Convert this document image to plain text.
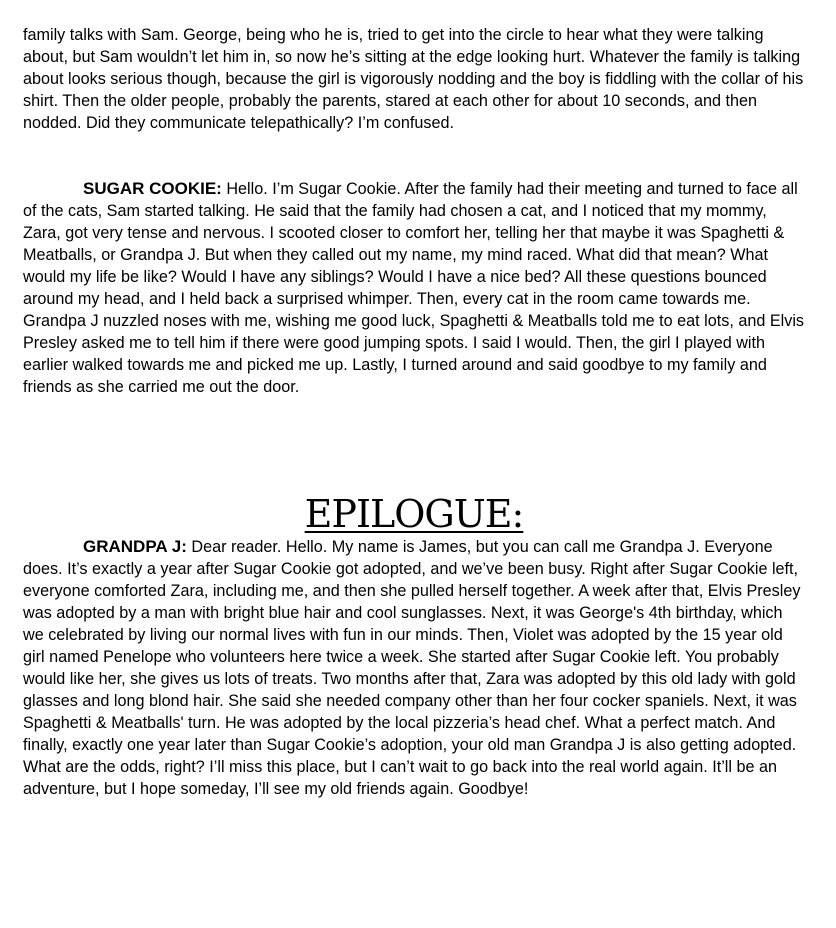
family talks with Sam. George, being who he is, tried to get into the circle to hear what they were talking about, but Sam wouldn’t let him in, so now he’s sitting at the edge looking hurt. Whatever the family is talking about looks serious though, because the girl is vigorously nodding and the boy is fiddling with the collar of his shirt. Then the older people, probably the parents, stared at each other for about 10 seconds, and then nodded. Did they communicate telepathically? I’m confused.

SUGAR COOKIE: Hello. I’m Sugar Cookie. After the family had their meeting and turned to face all of the cats, Sam started talking. He said that the family had chosen a cat, and I noticed that my mommy, Zara, got very tense and nervous. I scooted closer to comfort her, telling her that maybe it was Spaghetti & Meatballs, or Grandpa J. But when they called out my name, my mind raced. What did that mean? What would my life be like? Would I have any siblings? Would I have a nice bed? All these questions bounced around my head, and I held back a surprised whimper. Then, every cat in the room came towards me. Grandpa J nuzzled noses with me, wishing me good luck, Spaghetti & Meatballs told me to eat lots, and Elvis Presley asked me to tell him if there were good jumping spots. I said I would. Then, the girl I played with earlier walked towards me and picked me up. Lastly, I turned around and said goodbye to my family and friends as she carried me out the door.

EPILOGUE:

GRANDPA J: Dear reader. Hello. My name is James, but you can call me Grandpa J. Everyone does. It’s exactly a year after Sugar Cookie got adopted, and we’ve been busy. Right after Sugar Cookie left, everyone comforted Zara, including me, and then she pulled herself together. A week after that, Elvis Presley was adopted by a man with bright blue hair and cool sunglasses. Next, it was George's 4th birthday, which we celebrated by living our normal lives with fun in our minds. Then, Violet was adopted by the 15 year old girl named Penelope who volunteers here twice a week. She started after Sugar Cookie left. You probably would like her, she gives us lots of treats. Two months after that, Zara was adopted by this old lady with gold glasses and long blond hair. She said she needed company other than her four cocker spaniels. Next, it was Spaghetti & Meatballs' turn. He was adopted by the local pizzeria’s head chef. What a perfect match. And finally, exactly one year later than Sugar Cookie’s adoption, your old man Grandpa J is also getting adopted. What are the odds, right? I’ll miss this place, but I can’t wait to go back into the real world again. It’ll be an adventure, but I hope someday, I’ll see my old friends again. Goodbye!
